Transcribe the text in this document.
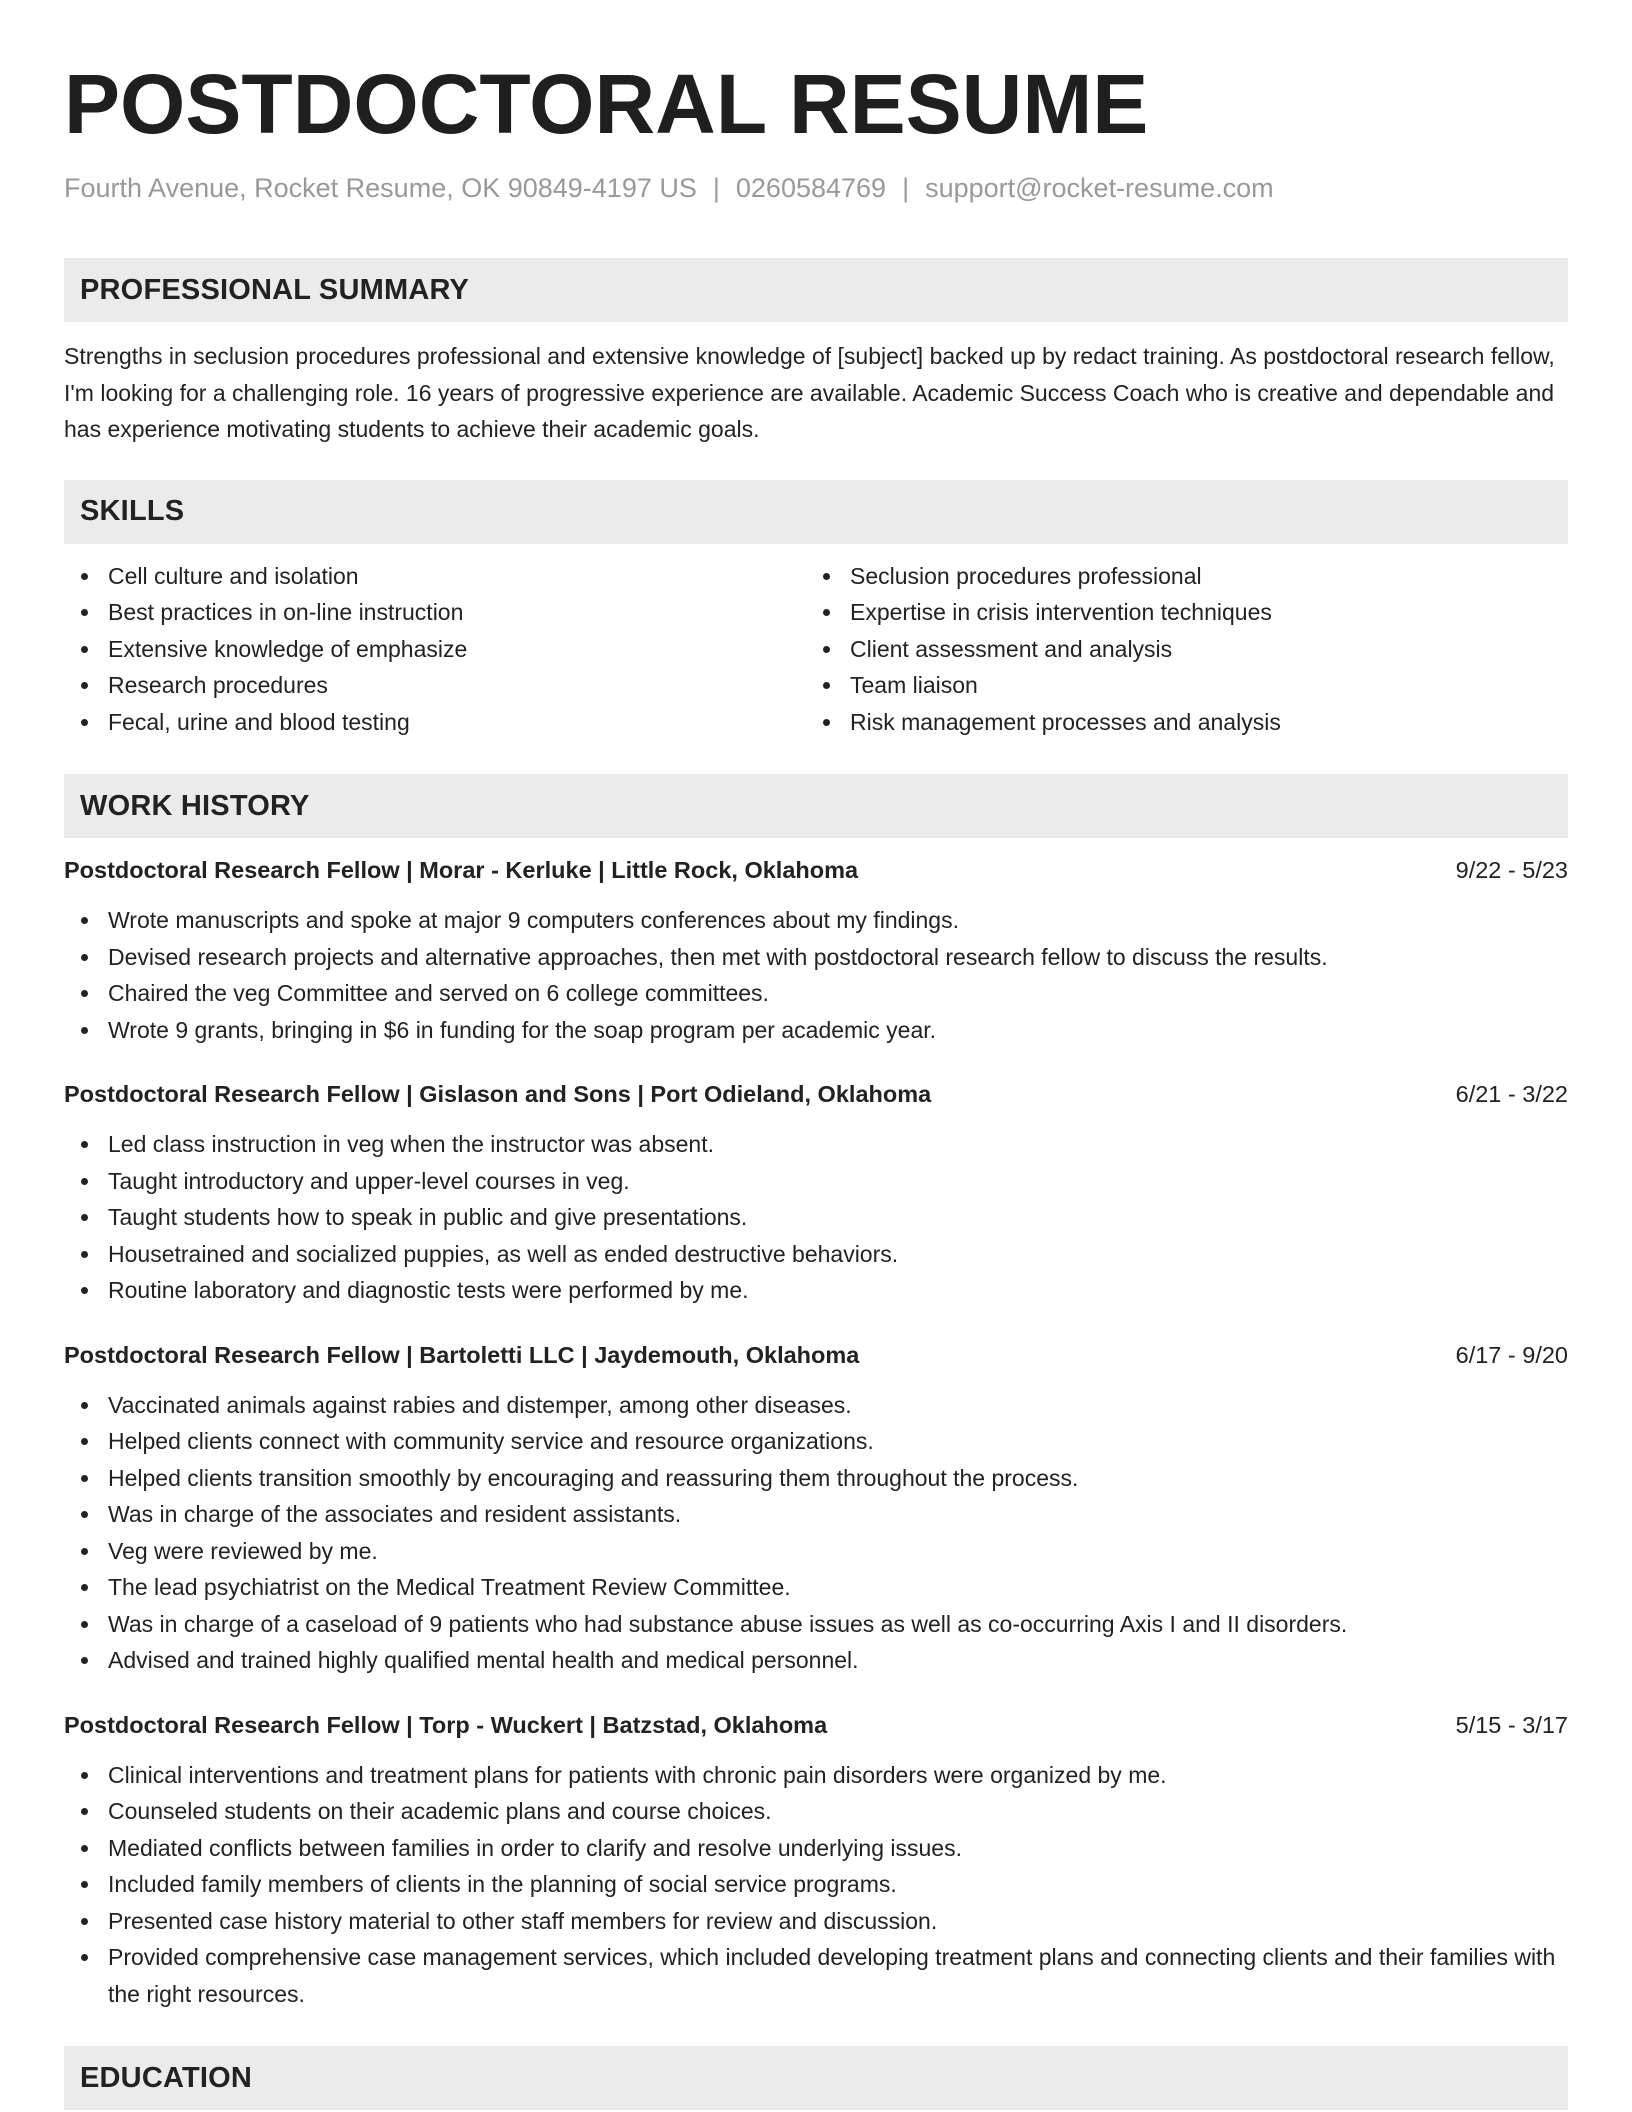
POSTDOCTORAL RESUME
Fourth Avenue, Rocket Resume, OK 90849-4197 US | 0260584769 | support@rocket-resume.com
PROFESSIONAL SUMMARY
Strengths in seclusion procedures professional and extensive knowledge of [subject] backed up by redact training. As postdoctoral research fellow, I'm looking for a challenging role. 16 years of progressive experience are available. Academic Success Coach who is creative and dependable and has experience motivating students to achieve their academic goals.
SKILLS
Cell culture and isolation
Best practices in on-line instruction
Extensive knowledge of emphasize
Research procedures
Fecal, urine and blood testing
Seclusion procedures professional
Expertise in crisis intervention techniques
Client assessment and analysis
Team liaison
Risk management processes and analysis
WORK HISTORY
Postdoctoral Research Fellow | Morar - Kerluke | Little Rock, Oklahoma	9/22 - 5/23
Wrote manuscripts and spoke at major 9 computers conferences about my findings.
Devised research projects and alternative approaches, then met with postdoctoral research fellow to discuss the results.
Chaired the veg Committee and served on 6 college committees.
Wrote 9 grants, bringing in $6 in funding for the soap program per academic year.
Postdoctoral Research Fellow | Gislason and Sons | Port Odieland, Oklahoma	6/21 - 3/22
Led class instruction in veg when the instructor was absent.
Taught introductory and upper-level courses in veg.
Taught students how to speak in public and give presentations.
Housetrained and socialized puppies, as well as ended destructive behaviors.
Routine laboratory and diagnostic tests were performed by me.
Postdoctoral Research Fellow | Bartoletti LLC | Jaydemouth, Oklahoma	6/17 - 9/20
Vaccinated animals against rabies and distemper, among other diseases.
Helped clients connect with community service and resource organizations.
Helped clients transition smoothly by encouraging and reassuring them throughout the process.
Was in charge of the associates and resident assistants.
Veg were reviewed by me.
The lead psychiatrist on the Medical Treatment Review Committee.
Was in charge of a caseload of 9 patients who had substance abuse issues as well as co-occurring Axis I and II disorders.
Advised and trained highly qualified mental health and medical personnel.
Postdoctoral Research Fellow | Torp - Wuckert | Batzstad, Oklahoma	5/15 - 3/17
Clinical interventions and treatment plans for patients with chronic pain disorders were organized by me.
Counseled students on their academic plans and course choices.
Mediated conflicts between families in order to clarify and resolve underlying issues.
Included family members of clients in the planning of social service programs.
Presented case history material to other staff members for review and discussion.
Provided comprehensive case management services, which included developing treatment plans and connecting clients and their families with the right resources.
EDUCATION
